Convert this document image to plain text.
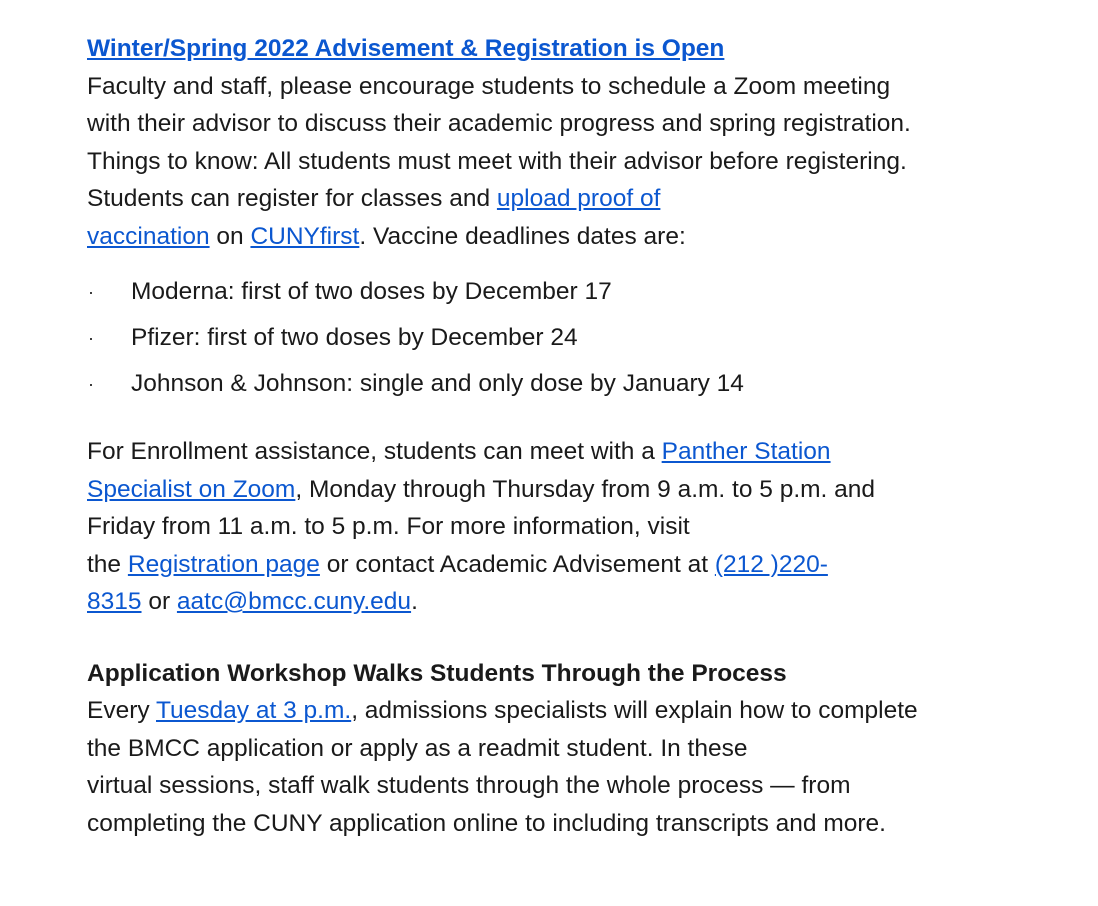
Winter/Spring 2022 Advisement & Registration is Open
Faculty and staff, please encourage students to schedule a Zoom meeting
with their advisor to discuss their academic progress and spring registration.
Things to know: All students must meet with their advisor before registering.
Students can register for classes and upload proof of
vaccination on CUNYfirst. Vaccine deadlines dates are:
· Moderna: first of two doses by December 17
· Pfizer: first of two doses by December 24
· Johnson & Johnson: single and only dose by January 14
For Enrollment assistance, students can meet with a Panther Station
Specialist on Zoom, Monday through Thursday from 9 a.m. to 5 p.m. and
Friday from 11 a.m. to 5 p.m. For more information, visit
the Registration page or contact Academic Advisement at (212 )220-
8315 or aatc@bmcc.cuny.edu.
Application Workshop Walks Students Through the Process
Every Tuesday at 3 p.m., admissions specialists will explain how to complete
the BMCC application or apply as a readmit student. In these
virtual sessions, staff walk students through the whole process — from
completing the CUNY application online to including transcripts and more.
